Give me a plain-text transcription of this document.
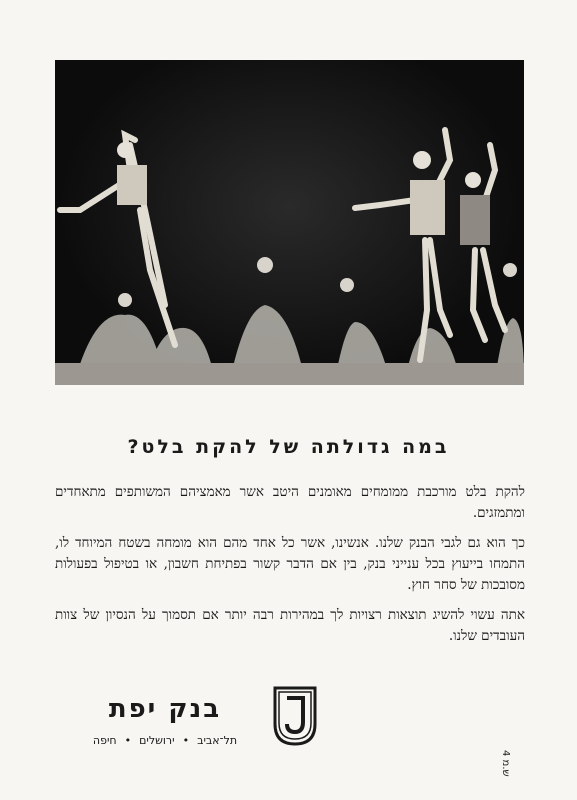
במה גדולתה של להקת בלט?

להקת בלט מורכבת ממומחים מאומנים היטב אשר מאמציהם המשותפים מתאחדים ומתמזגים.

כך הוא גם לגבי הבנק שלנו. אנשינו, אשר כל אחד מהם הוא מומחה בשטח המיוחד לו, התמחו בייעוץ בכל ענייני בנק, בין אם הדבר קשור בפתיחת חשבון, או בטיפול בפעולות מסובכות של סחר חוץ.

אתה עשוי להשיג תוצאות רצויות לך במהירות רבה יותר אם תסמוך על הנסיון של צוות העובדים שלנו.

בנק יפת
תל־אביב•ירושלים•חיפה
ש.מ 4
